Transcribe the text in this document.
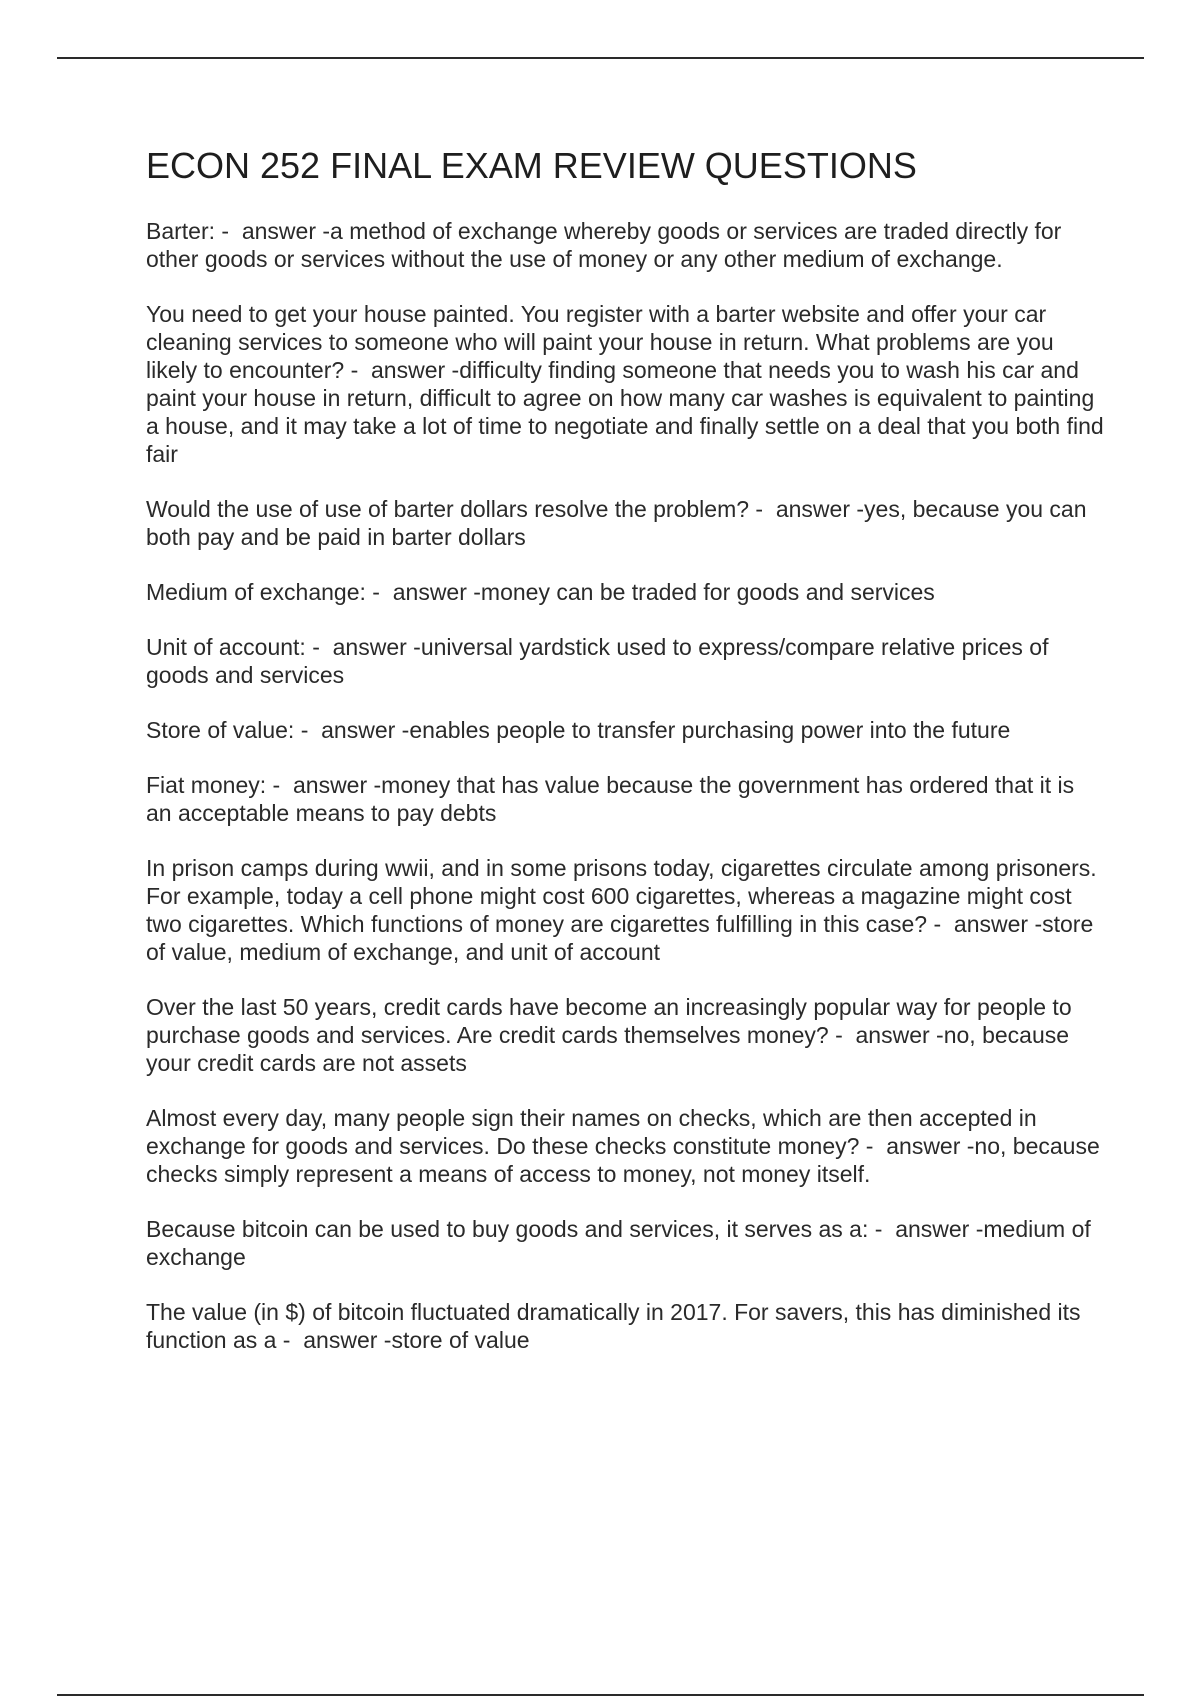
ECON 252 FINAL EXAM REVIEW QUESTIONS

Barter: -  answer -a method of exchange whereby goods or services are traded directly for other goods or services without the use of money or any other medium of exchange.

You need to get your house painted. You register with a barter website and offer your car cleaning services to someone who will paint your house in return. What problems are you likely to encounter? -  answer -difficulty finding someone that needs you to wash his car and paint your house in return, difficult to agree on how many car washes is equivalent to painting a house, and it may take a lot of time to negotiate and finally settle on a deal that you both find fair

Would the use of use of barter dollars resolve the problem? -  answer -yes, because you can both pay and be paid in barter dollars

Medium of exchange: -  answer -money can be traded for goods and services

Unit of account: -  answer -universal yardstick used to express/compare relative prices of goods and services

Store of value: -  answer -enables people to transfer purchasing power into the future

Fiat money: -  answer -money that has value because the government has ordered that it is an acceptable means to pay debts

In prison camps during wwii, and in some prisons today, cigarettes circulate among prisoners. For example, today a cell phone might cost 600 cigarettes, whereas a magazine might cost two cigarettes. Which functions of money are cigarettes fulfilling in this case? -  answer -store of value, medium of exchange, and unit of account

Over the last 50 years, credit cards have become an increasingly popular way for people to purchase goods and services. Are credit cards themselves money? -  answer -no, because your credit cards are not assets

Almost every day, many people sign their names on checks, which are then accepted in exchange for goods and services. Do these checks constitute money? -  answer -no, because checks simply represent a means of access to money, not money itself.

Because bitcoin can be used to buy goods and services, it serves as a: -  answer -medium of exchange

The value (in $) of bitcoin fluctuated dramatically in 2017. For savers, this has diminished its function as a -  answer -store of value
